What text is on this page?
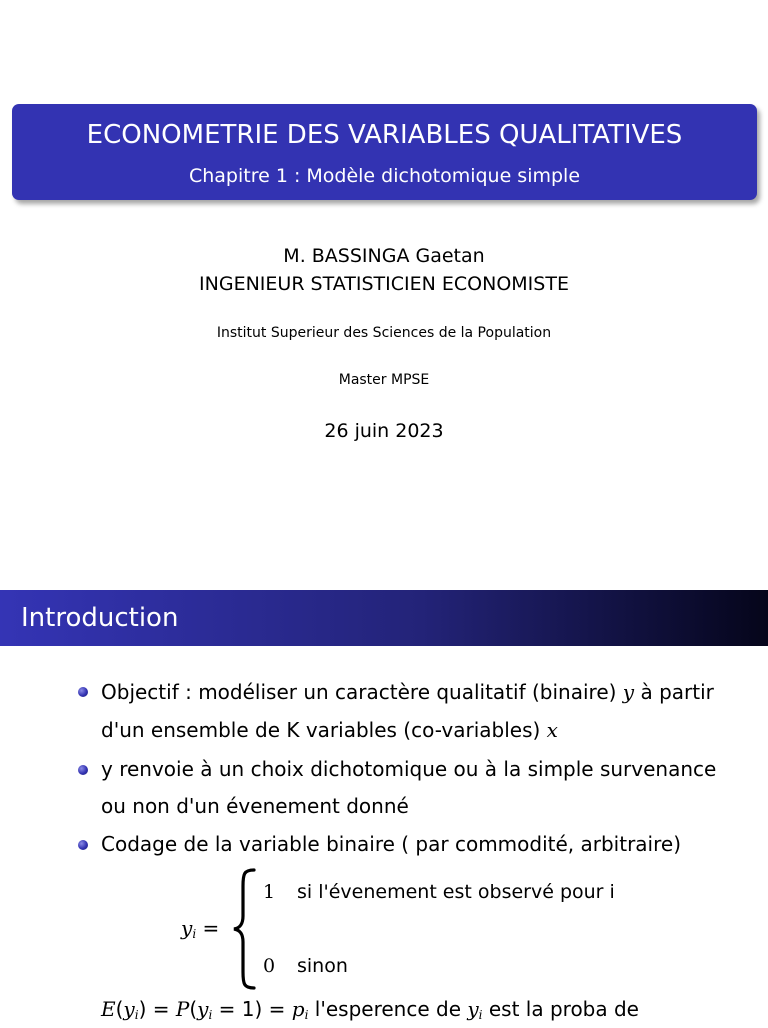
ECONOMETRIE DES VARIABLES QUALITATIVES
Chapitre 1 : Modèle dichotomique simple
M. BASSINGA Gaetan
INGENIEUR STATISTICIEN ECONOMISTE
Institut Superieur des Sciences de la Population
Master MPSE
26 juin 2023
Introduction
Objectif : modéliser un caractère qualitatif (binaire) y à partir
d'un ensemble de K variables (co-variables) x
y renvoie à un choix dichotomique ou à la simple survenance
ou non d'un évenement donné
Codage de la variable binaire ( par commodité, arbitraire)
$y_i$ =
1 si l'évenement est observé pour i
0 sinon
$E(y_i) = P(y_i = 1) = p_i$ l'esperence de $y_i$ est la proba de
